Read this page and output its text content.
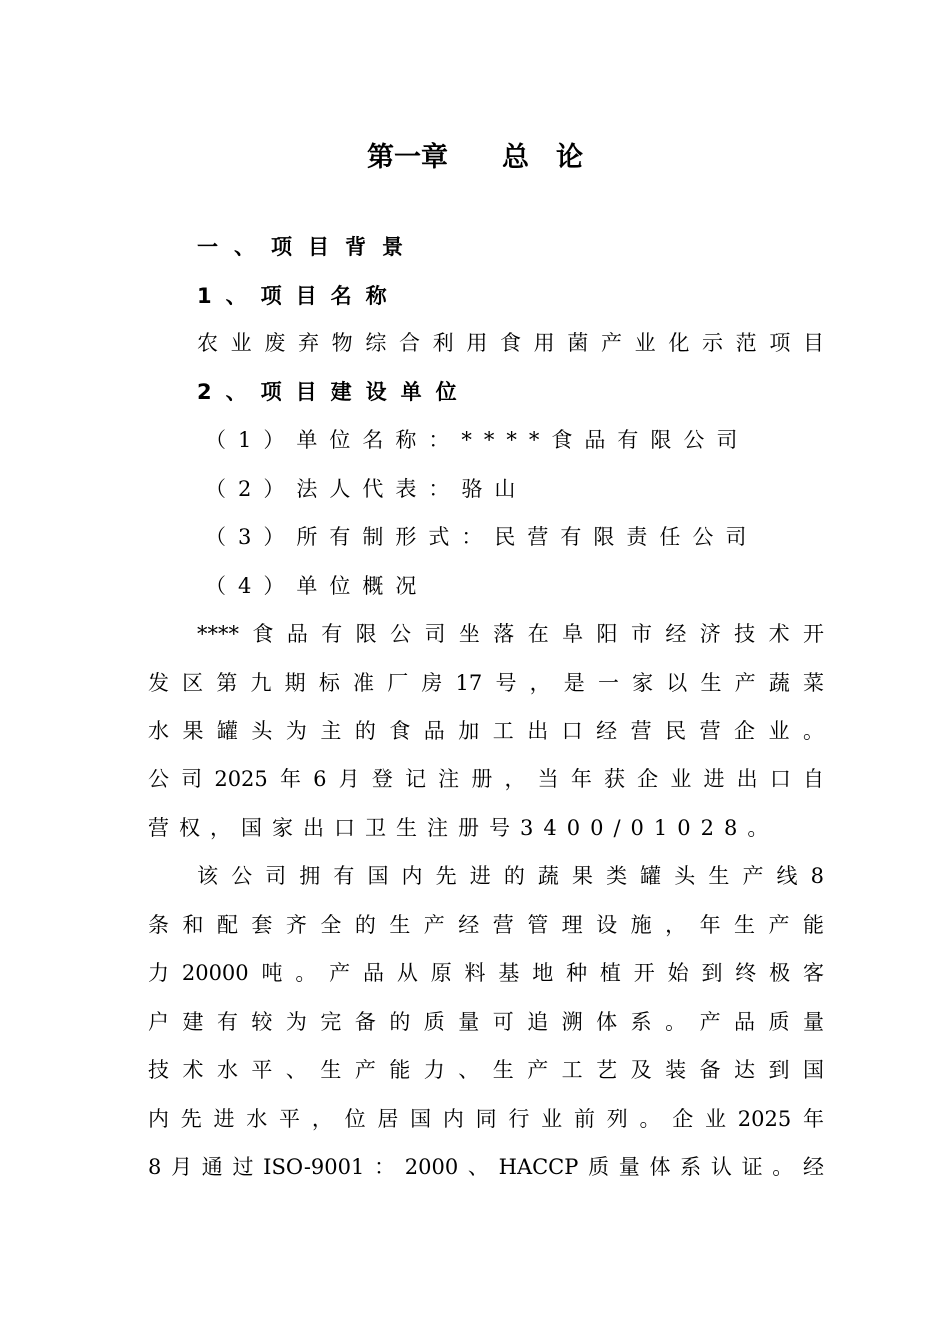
第一章　　总　论

一、项目背景

1、项目名称

农业废弃物综合利用食用菌产业化示范项目

2、项目建设单位

（1）单位名称：****食品有限公司

（2）法人代表：骆山

（3）所有制形式：民营有限责任公司

（4）单位概况

****食品有限公司坐落在阜阳市经济技术开

发区第九期标准厂房17号，是一家以生产蔬菜

水果罐头为主的食品加工出口经营民营企业。

公司2025年6月登记注册，当年获企业进出口自

营权，国家出口卫生注册号3400/01028。

该公司拥有国内先进的蔬果类罐头生产线8

条和配套齐全的生产经营管理设施，年生产能

力20000吨。产品从原料基地种植开始到终极客

户建有较为完备的质量可追溯体系。产品质量

技术水平、生产能力、生产工艺及装备达到国

内先进水平，位居国内同行业前列。企业2025年

8月通过ISO-9001：2000、HACCP质量体系认证。经
